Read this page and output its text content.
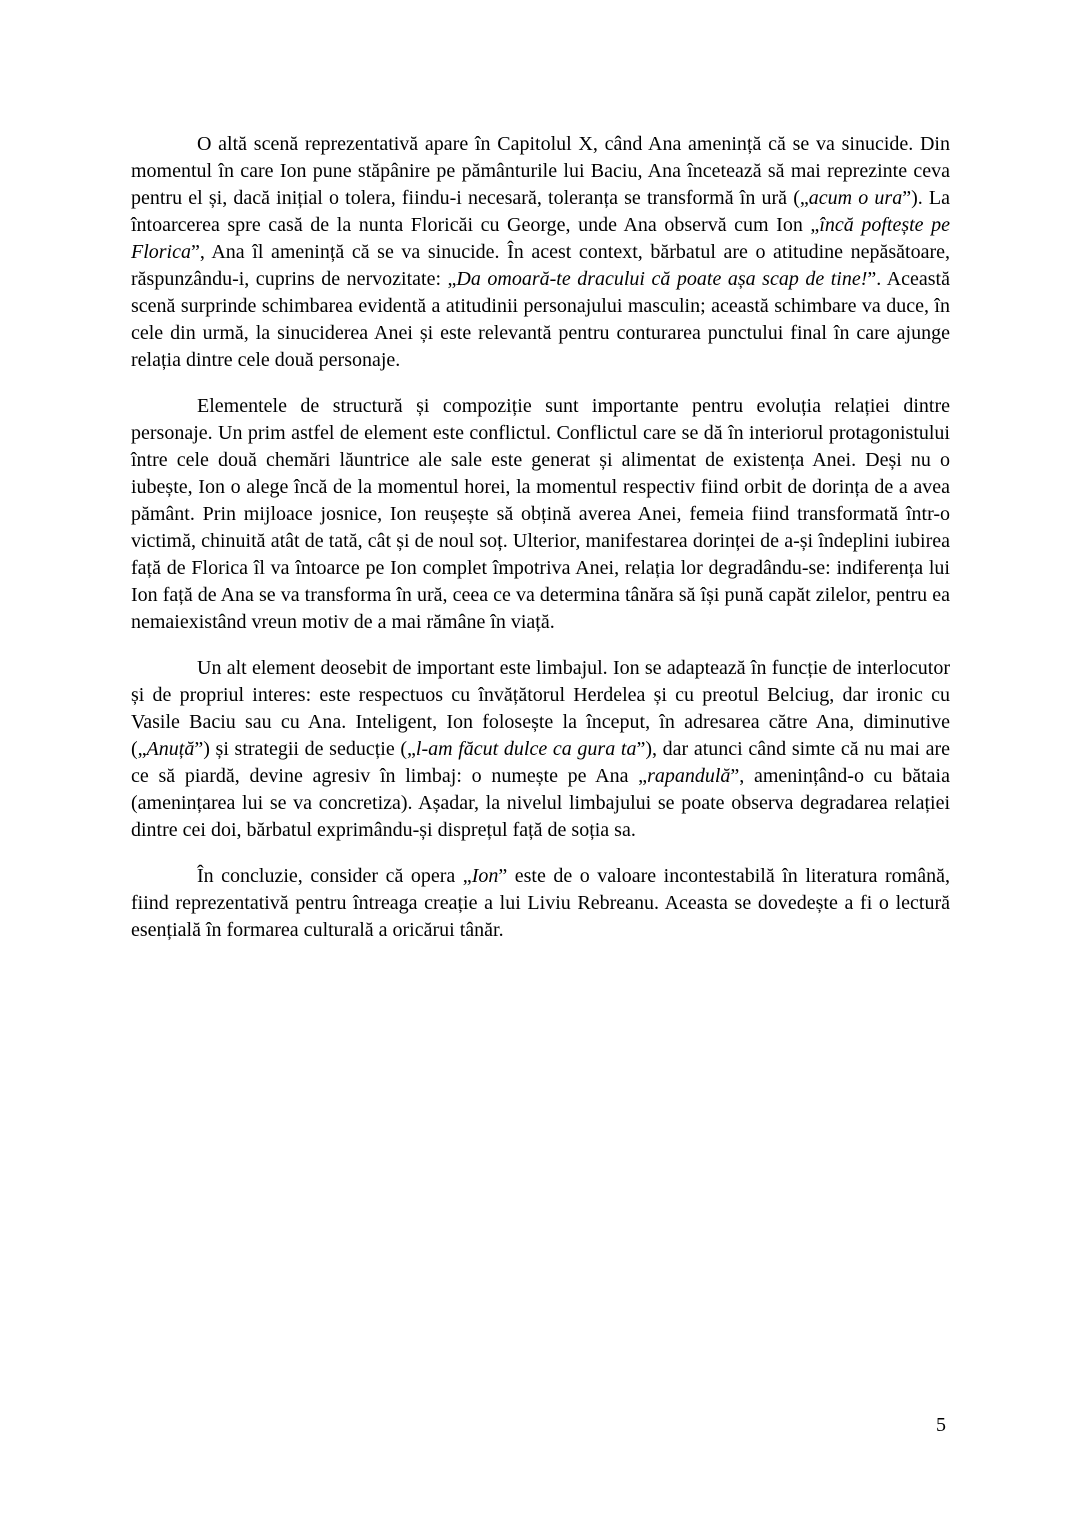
O altă scenă reprezentativă apare în Capitolul X, când Ana amenință că se va sinucide. Din momentul în care Ion pune stăpânire pe pământurile lui Baciu, Ana încetează să mai reprezinte ceva pentru el și, dacă inițial o tolera, fiindu-i necesară, toleranța se transformă în ură („acum o ura”). La întoarcerea spre casă de la nunta Floricăi cu George, unde Ana observă cum Ion „încă poftește pe Florica”, Ana îl amenință că se va sinucide. În acest context, bărbatul are o atitudine nepăsătoare, răspunzându-i, cuprins de nervozitate: „Da omoară-te dracului că poate așa scap de tine!”. Această scenă surprinde schimbarea evidentă a atitudinii personajului masculin; această schimbare va duce, în cele din urmă, la sinuciderea Anei și este relevantă pentru conturarea punctului final în care ajunge relația dintre cele două personaje.

Elementele de structură și compoziție sunt importante pentru evoluția relației dintre personaje. Un prim astfel de element este conflictul. Conflictul care se dă în interiorul protagonistului între cele două chemări lăuntrice ale sale este generat și alimentat de existența Anei. Deși nu o iubește, Ion o alege încă de la momentul horei, la momentul respectiv fiind orbit de dorința de a avea pământ. Prin mijloace josnice, Ion reușește să obțină averea Anei, femeia fiind transformată într-o victimă, chinuită atât de tată, cât și de noul soț. Ulterior, manifestarea dorinței de a-și îndeplini iubirea față de Florica îl va întoarce pe Ion complet împotriva Anei, relația lor degradându-se: indiferența lui Ion față de Ana se va transforma în ură, ceea ce va determina tânăra să își pună capăt zilelor, pentru ea nemaiexistând vreun motiv de a mai rămâne în viață.

Un alt element deosebit de important este limbajul. Ion se adaptează în funcție de interlocutor și de propriul interes: este respectuos cu învățătorul Herdelea și cu preotul Belciug, dar ironic cu Vasile Baciu sau cu Ana. Inteligent, Ion folosește la început, în adresarea către Ana, diminutive („Anuță”) și strategii de seducție („l-am făcut dulce ca gura ta”), dar atunci când simte că nu mai are ce să piardă, devine agresiv în limbaj: o numește pe Ana „rapandulă”, amenințând-o cu bătaia (amenințarea lui se va concretiza). Așadar, la nivelul limbajului se poate observa degradarea relației dintre cei doi, bărbatul exprimându-și disprețul față de soția sa.

În concluzie, consider că opera „Ion” este de o valoare incontestabilă în literatura română, fiind reprezentativă pentru întreaga creație a lui Liviu Rebreanu. Aceasta se dovedește a fi o lectură esențială în formarea culturală a oricărui tânăr.

5
